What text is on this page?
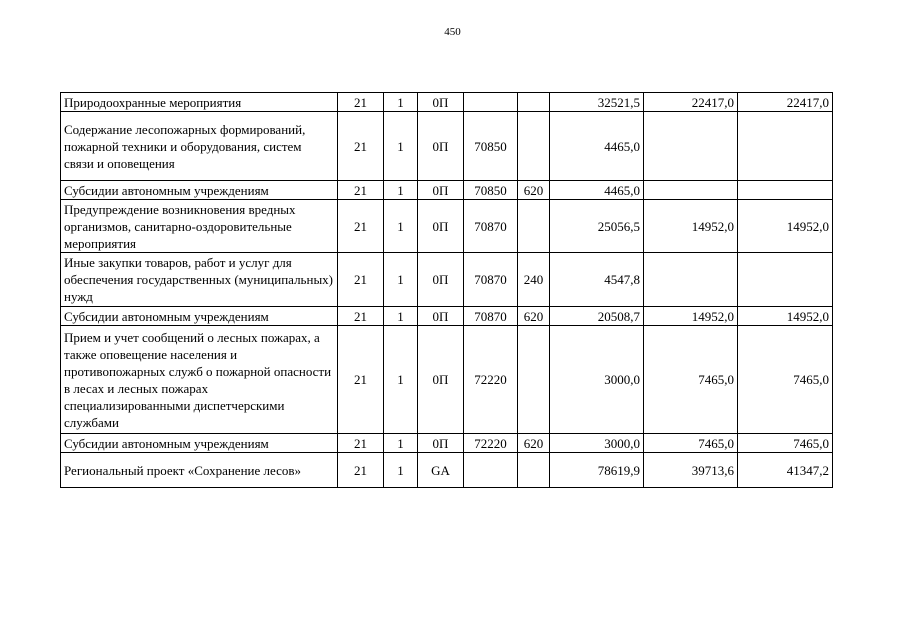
450
Природоохранные мероприятия	21	1	0П			32521,5	22417,0	22417,0
Содержание лесопожарных формирований, пожарной техники и оборудования, систем связи и оповещения	21	1	0П	70850		4465,0		
Субсидии автономным учреждениям	21	1	0П	70850	620	4465,0		
Предупреждение возникновения вредных организмов, санитарно-оздоровительные мероприятия	21	1	0П	70870		25056,5	14952,0	14952,0
Иные закупки товаров, работ и услуг для обеспечения государственных (муниципальных) нужд	21	1	0П	70870	240	4547,8		
Субсидии автономным учреждениям	21	1	0П	70870	620	20508,7	14952,0	14952,0
Прием и учет сообщений о лесных пожарах, а также оповещение населения и противопожарных служб о пожарной опасности в лесах и лесных пожарах специализированными диспетчерскими службами	21	1	0П	72220		3000,0	7465,0	7465,0
Субсидии автономным учреждениям	21	1	0П	72220	620	3000,0	7465,0	7465,0
Региональный проект «Сохранение лесов»	21	1	GA			78619,9	39713,6	41347,2
